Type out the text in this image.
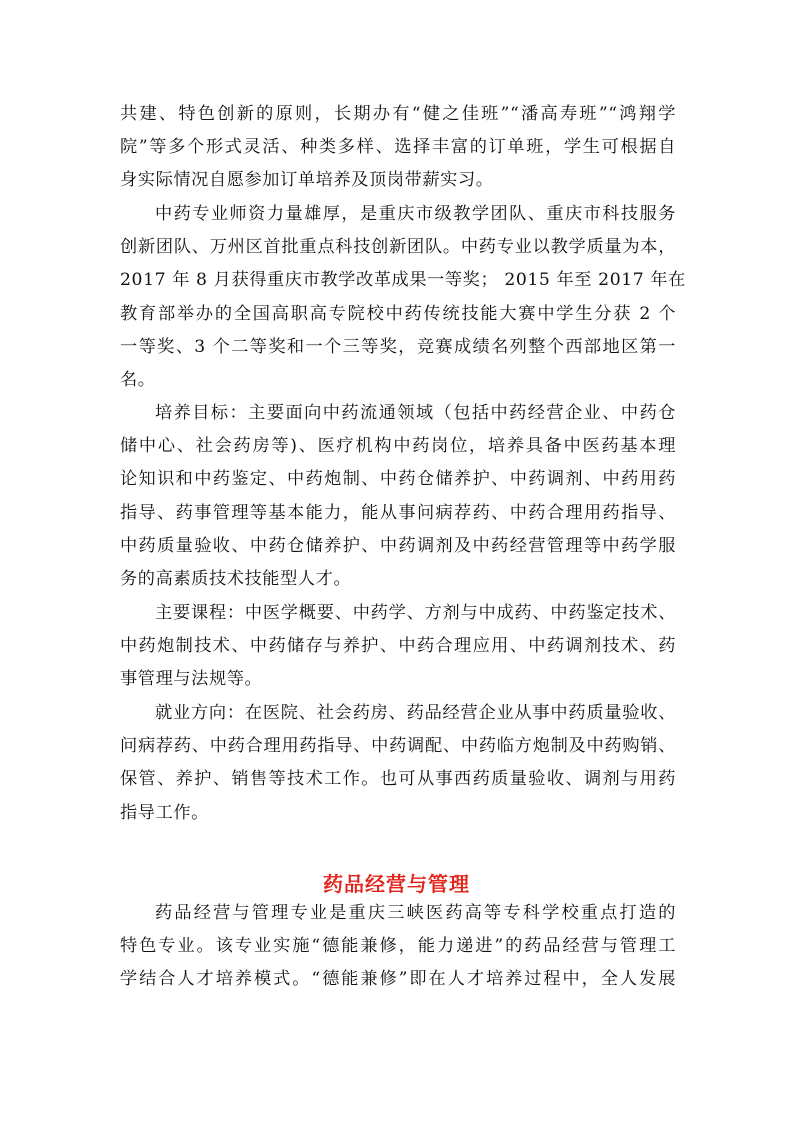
共建、特色创新的原则，长期办有“健之佳班”“潘高寿班”“鸿翔学
院”等多个形式灵活、种类多样、选择丰富的订单班，学生可根据自
身实际情况自愿参加订单培养及顶岗带薪实习。
中药专业师资力量雄厚，是重庆市级教学团队、重庆市科技服务
创新团队、万州区首批重点科技创新团队。中药专业以教学质量为本，
2017 年 8 月获得重庆市教学改革成果一等奖； 2015 年至 2017 年在
教育部举办的全国高职高专院校中药传统技能大赛中学生分获 2 个
一等奖、3 个二等奖和一个三等奖，竞赛成绩名列整个西部地区第一
名。
培养目标：主要面向中药流通领域（包括中药经营企业、中药仓
储中心、社会药房等)、医疗机构中药岗位，培养具备中医药基本理
论知识和中药鉴定、中药炮制、中药仓储养护、中药调剂、中药用药
指导、药事管理等基本能力，能从事问病荐药、中药合理用药指导、
中药质量验收、中药仓储养护、中药调剂及中药经营管理等中药学服
务的高素质技术技能型人才。
主要课程：中医学概要、中药学、方剂与中成药、中药鉴定技术、
中药炮制技术、中药储存与养护、中药合理应用、中药调剂技术、药
事管理与法规等。
就业方向：在医院、社会药房、药品经营企业从事中药质量验收、
问病荐药、中药合理用药指导、中药调配、中药临方炮制及中药购销、
保管、养护、销售等技术工作。也可从事西药质量验收、调剂与用药
指导工作。
药品经营与管理
药品经营与管理专业是重庆三峡医药高等专科学校重点打造的
特色专业。该专业实施“德能兼修，能力递进”的药品经营与管理工
学结合人才培养模式。“德能兼修”即在人才培养过程中，全人发展
